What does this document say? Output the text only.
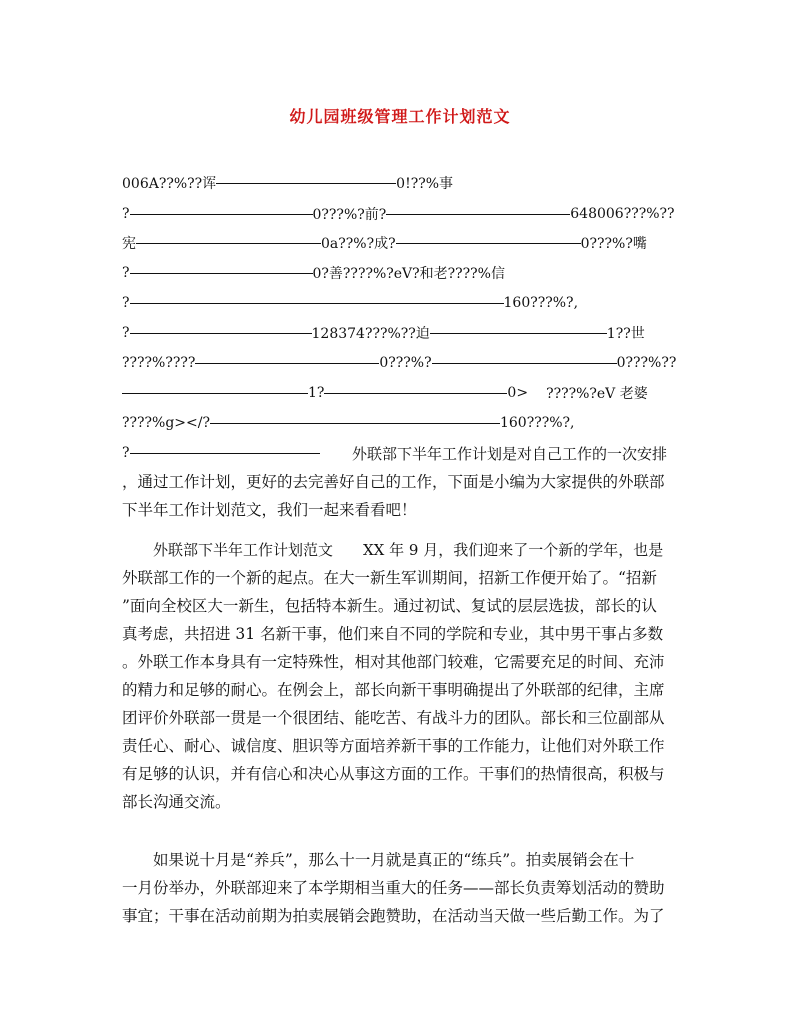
幼儿园班级管理工作计划范文
006A??%??诨	0!??%事
?	0???%?前?	648006???%??
宪	0a??%?成?	0???%?嘴
?	0?善????%?eV?和老????%信
?	160???%?,
?	128374???%??迫	1??世
????%????	0???%?	0???%??
1?	0> ????%?eV 老婆
????%g></?	160???%?,
?	外联部下半年工作计划是对自己工作的一次安排
，通过工作计划，更好的去完善好自己的工作，下面是小编为大家提供的外联部
下半年工作计划范文，我们一起来看看吧！
外联部下半年工作计划范文　　XX 年 9 月，我们迎来了一个新的学年，也是
外联部工作的一个新的起点。在大一新生军训期间，招新工作便开始了。“招新
”面向全校区大一新生，包括特本新生。通过初试、复试的层层选拔，部长的认
真考虑，共招进 31 名新干事，他们来自不同的学院和专业，其中男干事占多数
。外联工作本身具有一定特殊性，相对其他部门较难，它需要充足的时间、充沛
的精力和足够的耐心。在例会上，部长向新干事明确提出了外联部的纪律，主席
团评价外联部一贯是一个很团结、能吃苦、有战斗力的团队。部长和三位副部从
责任心、耐心、诚信度、胆识等方面培养新干事的工作能力，让他们对外联工作
有足够的认识，并有信心和决心从事这方面的工作。干事们的热情很高，积极与
部长沟通交流。
如果说十月是“养兵”，那么十一月就是真正的“练兵”。拍卖展销会在十
一月份举办，外联部迎来了本学期相当重大的任务——部长负责筹划活动的赞助
事宜；干事在活动前期为拍卖展销会跑赞助，在活动当天做一些后勤工作。为了
